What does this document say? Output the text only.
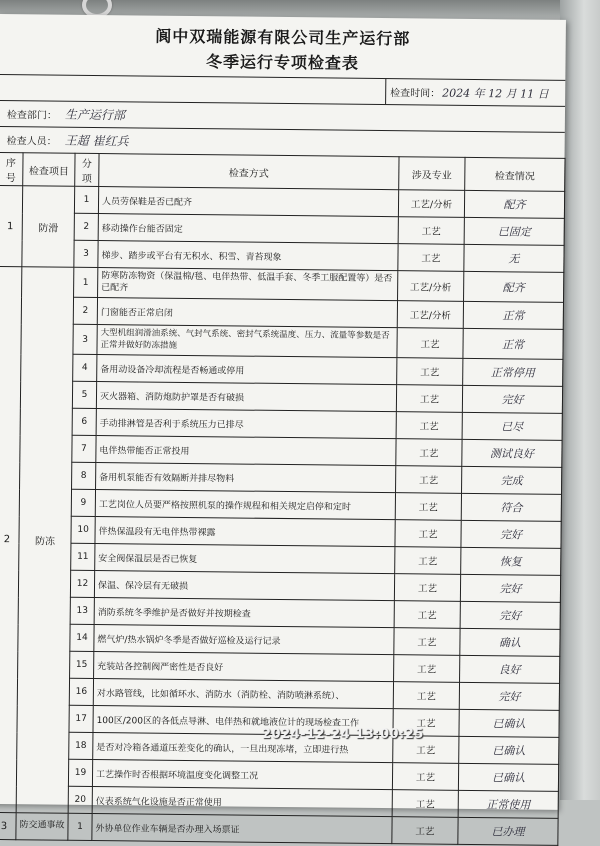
阆中双瑞能源有限公司生产运行部
冬季运行专项检查表
检查时间： 2024 年 12 月 11 日
检查部门： 生产运行部
检查人员： 王超 崔红兵
序号	检查项目	分项	检查方式	涉及专业	检查情况
1	防滑	1	人员劳保鞋是否已配齐	工艺/分析	配齐
		2	移动操作台能否固定	工艺	已固定
		3	梯步、踏步或平台有无积水、积雪、青苔现象	工艺	无
2	防冻	1	防寒防冻物资（保温棉/毯、电伴热带、低温手套、冬季工服配置等）是否已配齐	工艺/分析	配齐
		2	门窗能否正常启闭	工艺/分析	正常
		3	大型机组润滑油系统、气封气系统、密封气系统温度、压力、流量等参数是否正常并做好防冻措施	工艺	正常
		4	备用动设备冷却流程是否畅通或停用	工艺	正常停用
		5	灭火器箱、消防炮防护罩是否有破损	工艺	完好
		6	手动排淋管是否利于系统压力已排尽	工艺	已尽
		7	电伴热带能否正常投用	工艺	测试良好
		8	备用机泵能否有效隔断并排尽物料	工艺	完成
		9	工艺岗位人员要严格按照机泵的操作规程和相关规定启停和定时	工艺	符合
		10	伴热保温段有无电伴热带裸露	工艺	完好
		11	安全阀保温层是否已恢复	工艺	恢复
		12	保温、保冷层有无破损	工艺	完好
		13	消防系统冬季维护是否做好并按期检查	工艺	完好
		14	燃气炉/热水锅炉冬季是否做好巡检及运行记录	工艺	确认
		15	充装站各控制阀严密性是否良好	工艺	良好
		16	对水路管线，比如循环水、消防水（消防栓、消防喷淋系统）、	工艺	完好
		17	100区/200区的各低点导淋、电伴热和就地液位计的现场检查工作	工艺	已确认
		18	是否对冷箱各通道压差变化的确认，一旦出现冻堵，立即进行热	工艺	已确认
		19	工艺操作时否根据环境温度变化调整工况	工艺	已确认
		20	仪表系统气化设施是否正常使用	工艺	正常使用
3	防交通事故	1	外协单位作业车辆是否办理入场票证	工艺	已办理
2024-12-24 13:00:25
